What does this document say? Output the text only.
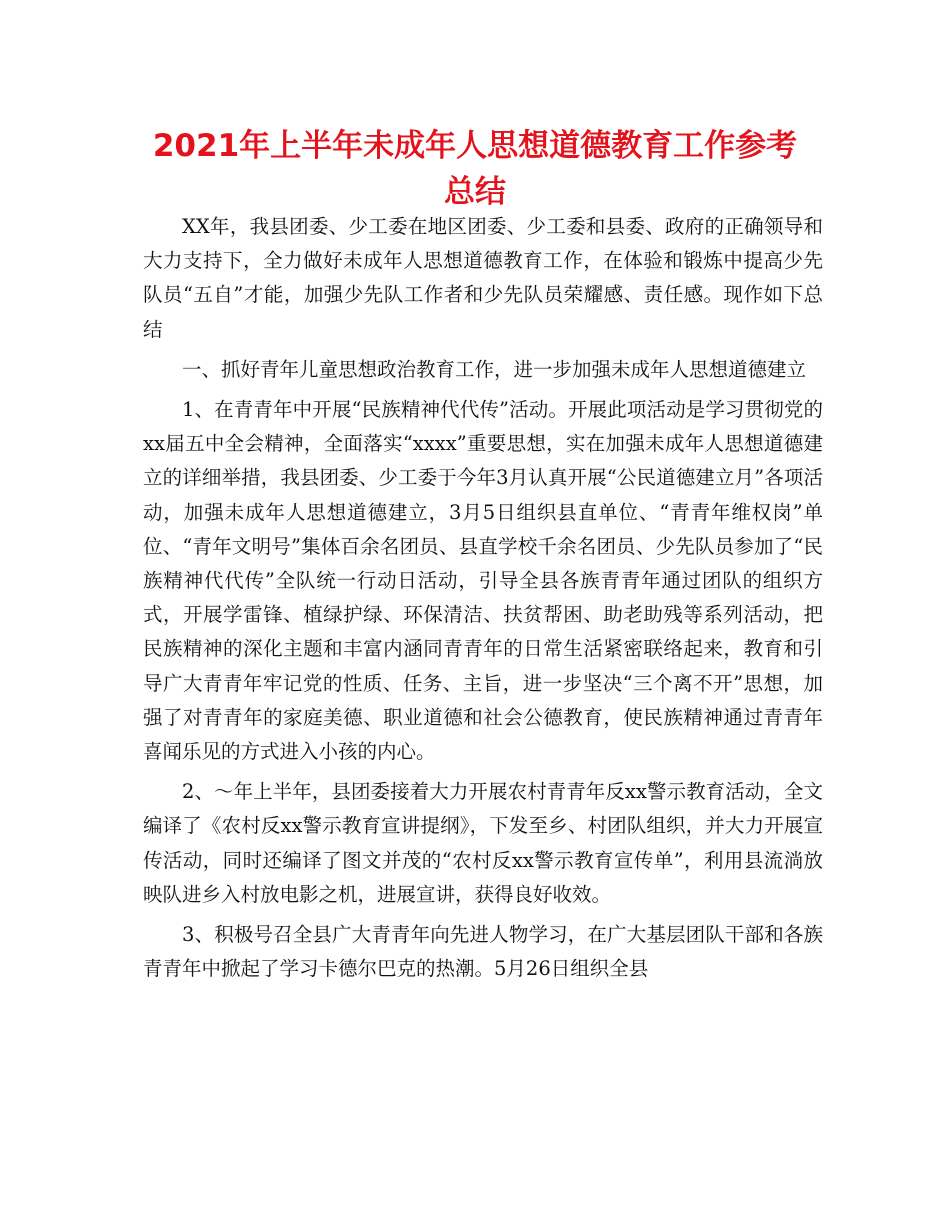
2021年上半年未成年人思想道德教育工作参考
总结

XX年，我县团委、少工委在地区团委、少工委和县委、政府的正确领导和大力支持下，全力做好未成年人思想道德教育工作，在体验和锻炼中提高少先队员“五自”才能，加强少先队工作者和少先队员荣耀感、责任感。现作如下总结

一、抓好青年儿童思想政治教育工作，进一步加强未成年人思想道德建立

1、在青青年中开展“民族精神代代传”活动。开展此项活动是学习贯彻党的xx届五中全会精神，全面落实“xxxx”重要思想，实在加强未成年人思想道德建立的详细举措，我县团委、少工委于今年3月认真开展“公民道德建立月”各项活动，加强未成年人思想道德建立，3月5日组织县直单位、“青青年维权岗”单位、“青年文明号”集体百余名团员、县直学校千余名团员、少先队员参加了“民族精神代代传”全队统一行动日活动，引导全县各族青青年通过团队的组织方式，开展学雷锋、植绿护绿、环保清洁、扶贫帮困、助老助残等系列活动，把民族精神的深化主题和丰富内涵同青青年的日常生活紧密联络起来，教育和引导广大青青年牢记党的性质、任务、主旨，进一步坚决“三个离不开”思想，加强了对青青年的家庭美德、职业道德和社会公德教育，使民族精神通过青青年喜闻乐见的方式进入小孩的内心。

2、～年上半年，县团委接着大力开展农村青青年反xx警示教育活动，全文编译了《农村反xx警示教育宣讲提纲》，下发至乡、村团队组织，并大力开展宣传活动，同时还编译了图文并茂的“农村反xx警示教育宣传单”，利用县流淌放映队进乡入村放电影之机，进展宣讲，获得良好收效。

3、积极号召全县广大青青年向先进人物学习，在广大基层团队干部和各族青青年中掀起了学习卡德尔巴克的热潮。5月26日组织全县
